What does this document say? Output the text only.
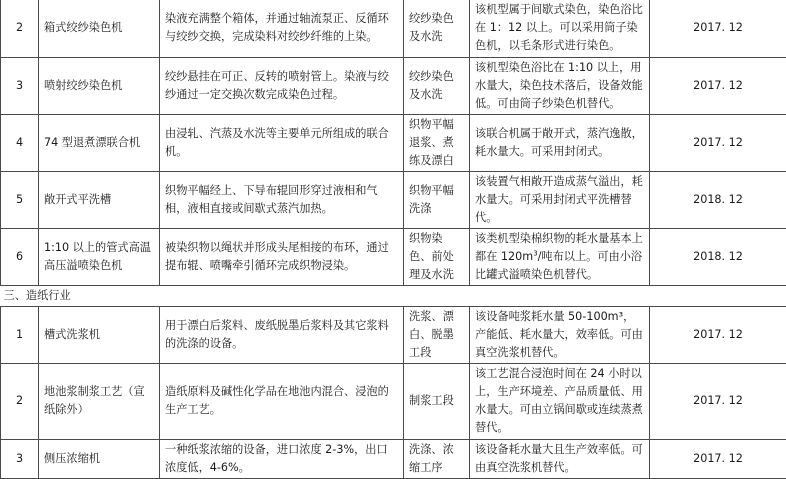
2	箱式绞纱染色机	染液充满整个箱体，并通过轴流泵正、反循环与绞纱交换，完成染料对绞纱纤维的上染。	绞纱染色及水洗	该机型属于间歇式染色，染色浴比在 1：12 以上。可以采用筒子染色机，以毛条形式进行染色。	2017. 12
3	喷射绞纱染色机	绞纱悬挂在可正、反转的喷射管上。染液与绞纱通过一定交换次数完成染色过程。	绞纱染色及水洗	该机型染色浴比在 1:10 以上，用水量大，染色技术落后，设备效能低。可由筒子纱染色机替代。	2017. 12
4	74 型退煮漂联合机	由浸轧、汽蒸及水洗等主要单元所组成的联合机。	织物平幅退浆、煮练及漂白	该联合机属于敞开式，蒸汽逸散，耗水量大。可采用封闭式。	2017. 12
5	敞开式平洗槽	织物平幅经上、下导布辊回形穿过液相和气相，液相直接或间歇式蒸汽加热。	织物平幅洗涤	该装置气相敞开造成蒸气溢出，耗水量大。可采用封闭式平洗槽替代。	2018. 12
6	1:10 以上的管式高温高压溢喷染色机	被染织物以绳状并形成头尾相接的布环，通过提布辊、喷嘴牵引循环完成织物浸染。	织物染色、前处理及水洗	该类机型染棉织物的耗水量基本上都在 $120m^3/$吨布以上。可由小浴比罐式溢喷染色机替代。	2018. 12
三、造纸行业					
1	槽式洗浆机	用于漂白后浆料、废纸脱墨后浆料及其它浆料的洗涤的设备。	洗浆、漂白、脱墨工段	该设备吨浆耗水量 50-100m³，产能低、耗水量大，效率低。可由真空洗浆机替代。	2017. 12
2	地池浆制浆工艺（宣纸除外）	造纸原料及碱性化学品在地池内混合、浸泡的生产工艺。	制浆工段	该工艺混合浸泡时间在 24 小时以上，生产环境差、产品质量低、用水量大。可由立锅间歇或连续蒸煮替代。	2017. 12
3	侧压浓缩机	一种纸浆浓缩的设备，进口浓度 2-3%，出口浓度低，4-6%。	洗涤、浓缩工序	该设备耗水量大且生产效率低。可由真空洗浆机替代。	2017. 12
